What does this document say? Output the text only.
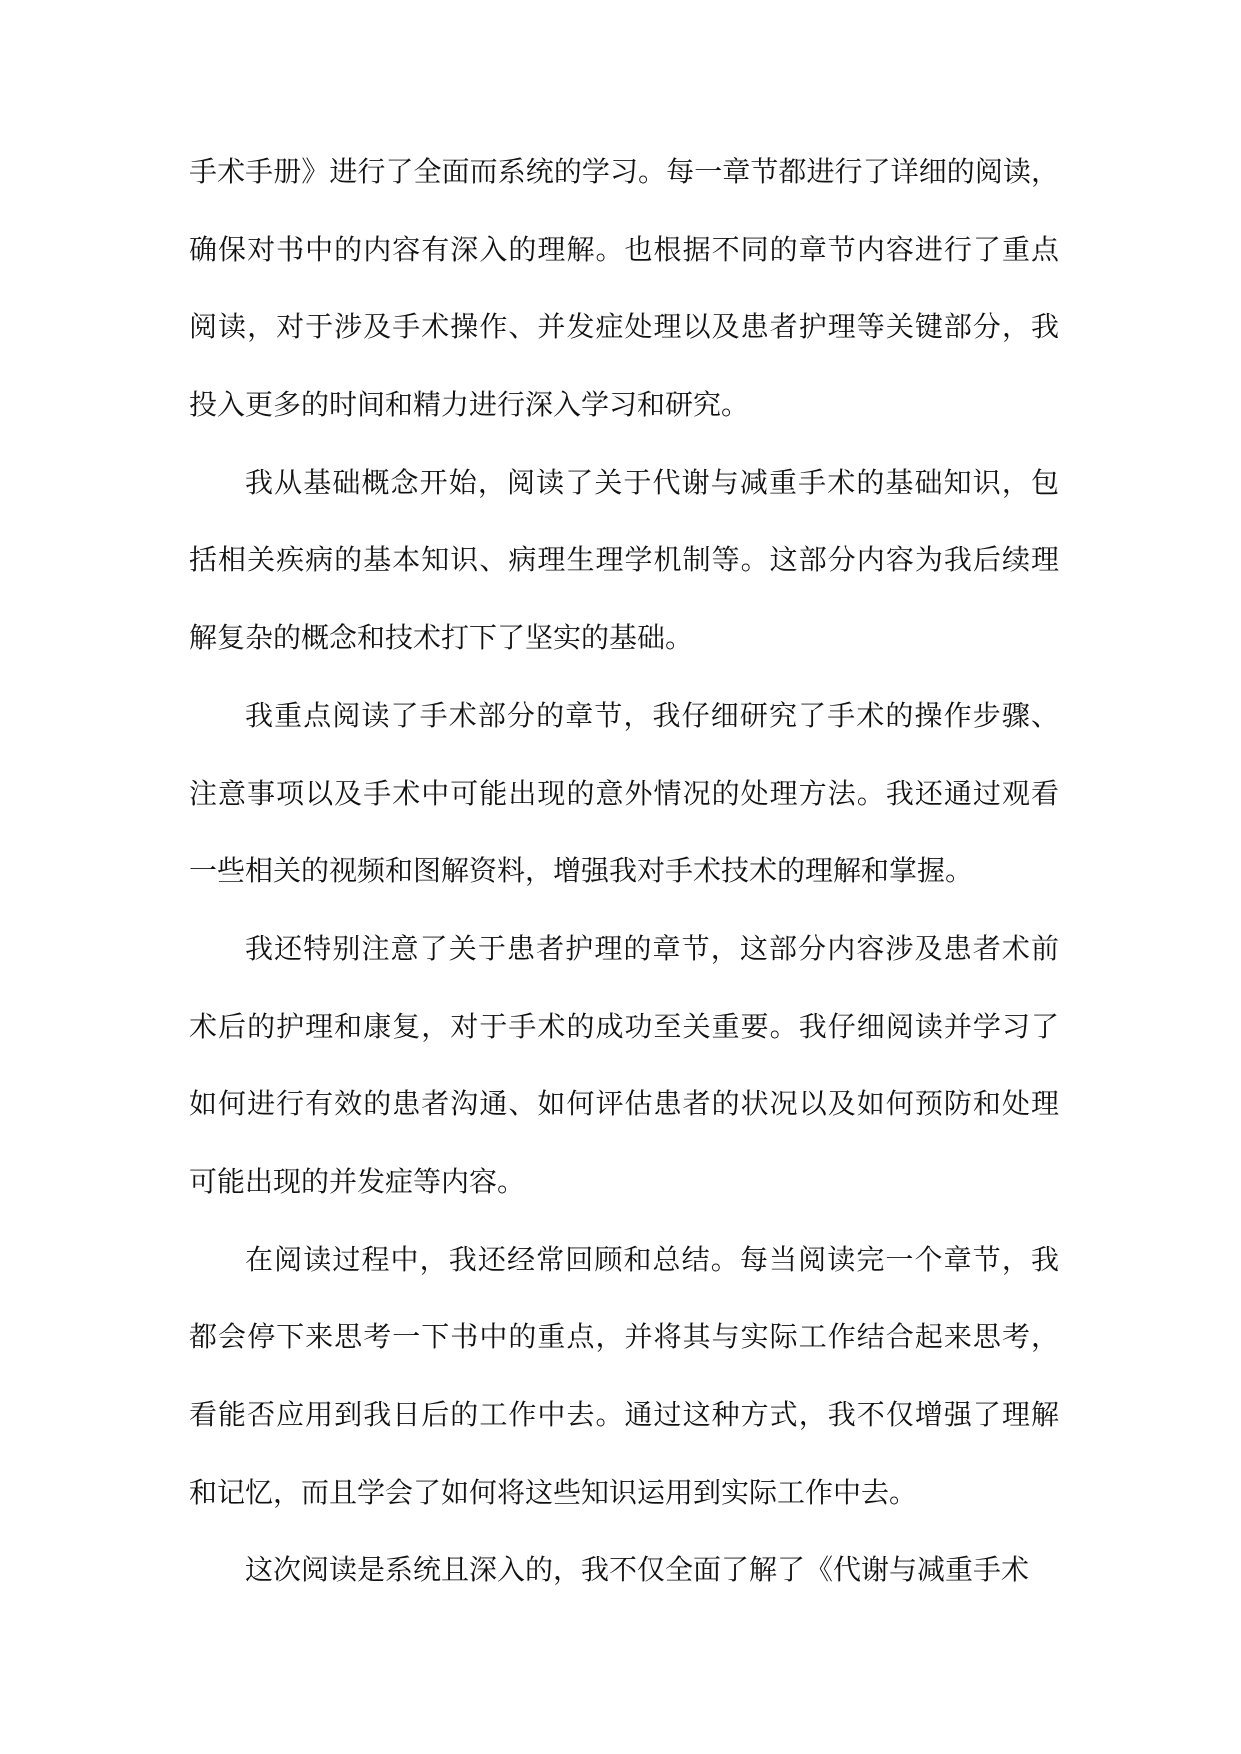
手术手册》进行了全面而系统的学习。每一章节都进行了详细的阅读，
确保对书中的内容有深入的理解。也根据不同的章节内容进行了重点
阅读，对于涉及手术操作、并发症处理以及患者护理等关键部分，我
投入更多的时间和精力进行深入学习和研究。
我从基础概念开始，阅读了关于代谢与减重手术的基础知识，包
括相关疾病的基本知识、病理生理学机制等。这部分内容为我后续理
解复杂的概念和技术打下了坚实的基础。
我重点阅读了手术部分的章节，我仔细研究了手术的操作步骤、
注意事项以及手术中可能出现的意外情况的处理方法。我还通过观看
一些相关的视频和图解资料，增强我对手术技术的理解和掌握。
我还特别注意了关于患者护理的章节，这部分内容涉及患者术前
术后的护理和康复，对于手术的成功至关重要。我仔细阅读并学习了
如何进行有效的患者沟通、如何评估患者的状况以及如何预防和处理
可能出现的并发症等内容。
在阅读过程中，我还经常回顾和总结。每当阅读完一个章节，我
都会停下来思考一下书中的重点，并将其与实际工作结合起来思考，
看能否应用到我日后的工作中去。通过这种方式，我不仅增强了理解
和记忆，而且学会了如何将这些知识运用到实际工作中去。
这次阅读是系统且深入的，我不仅全面了解了《代谢与减重手术
